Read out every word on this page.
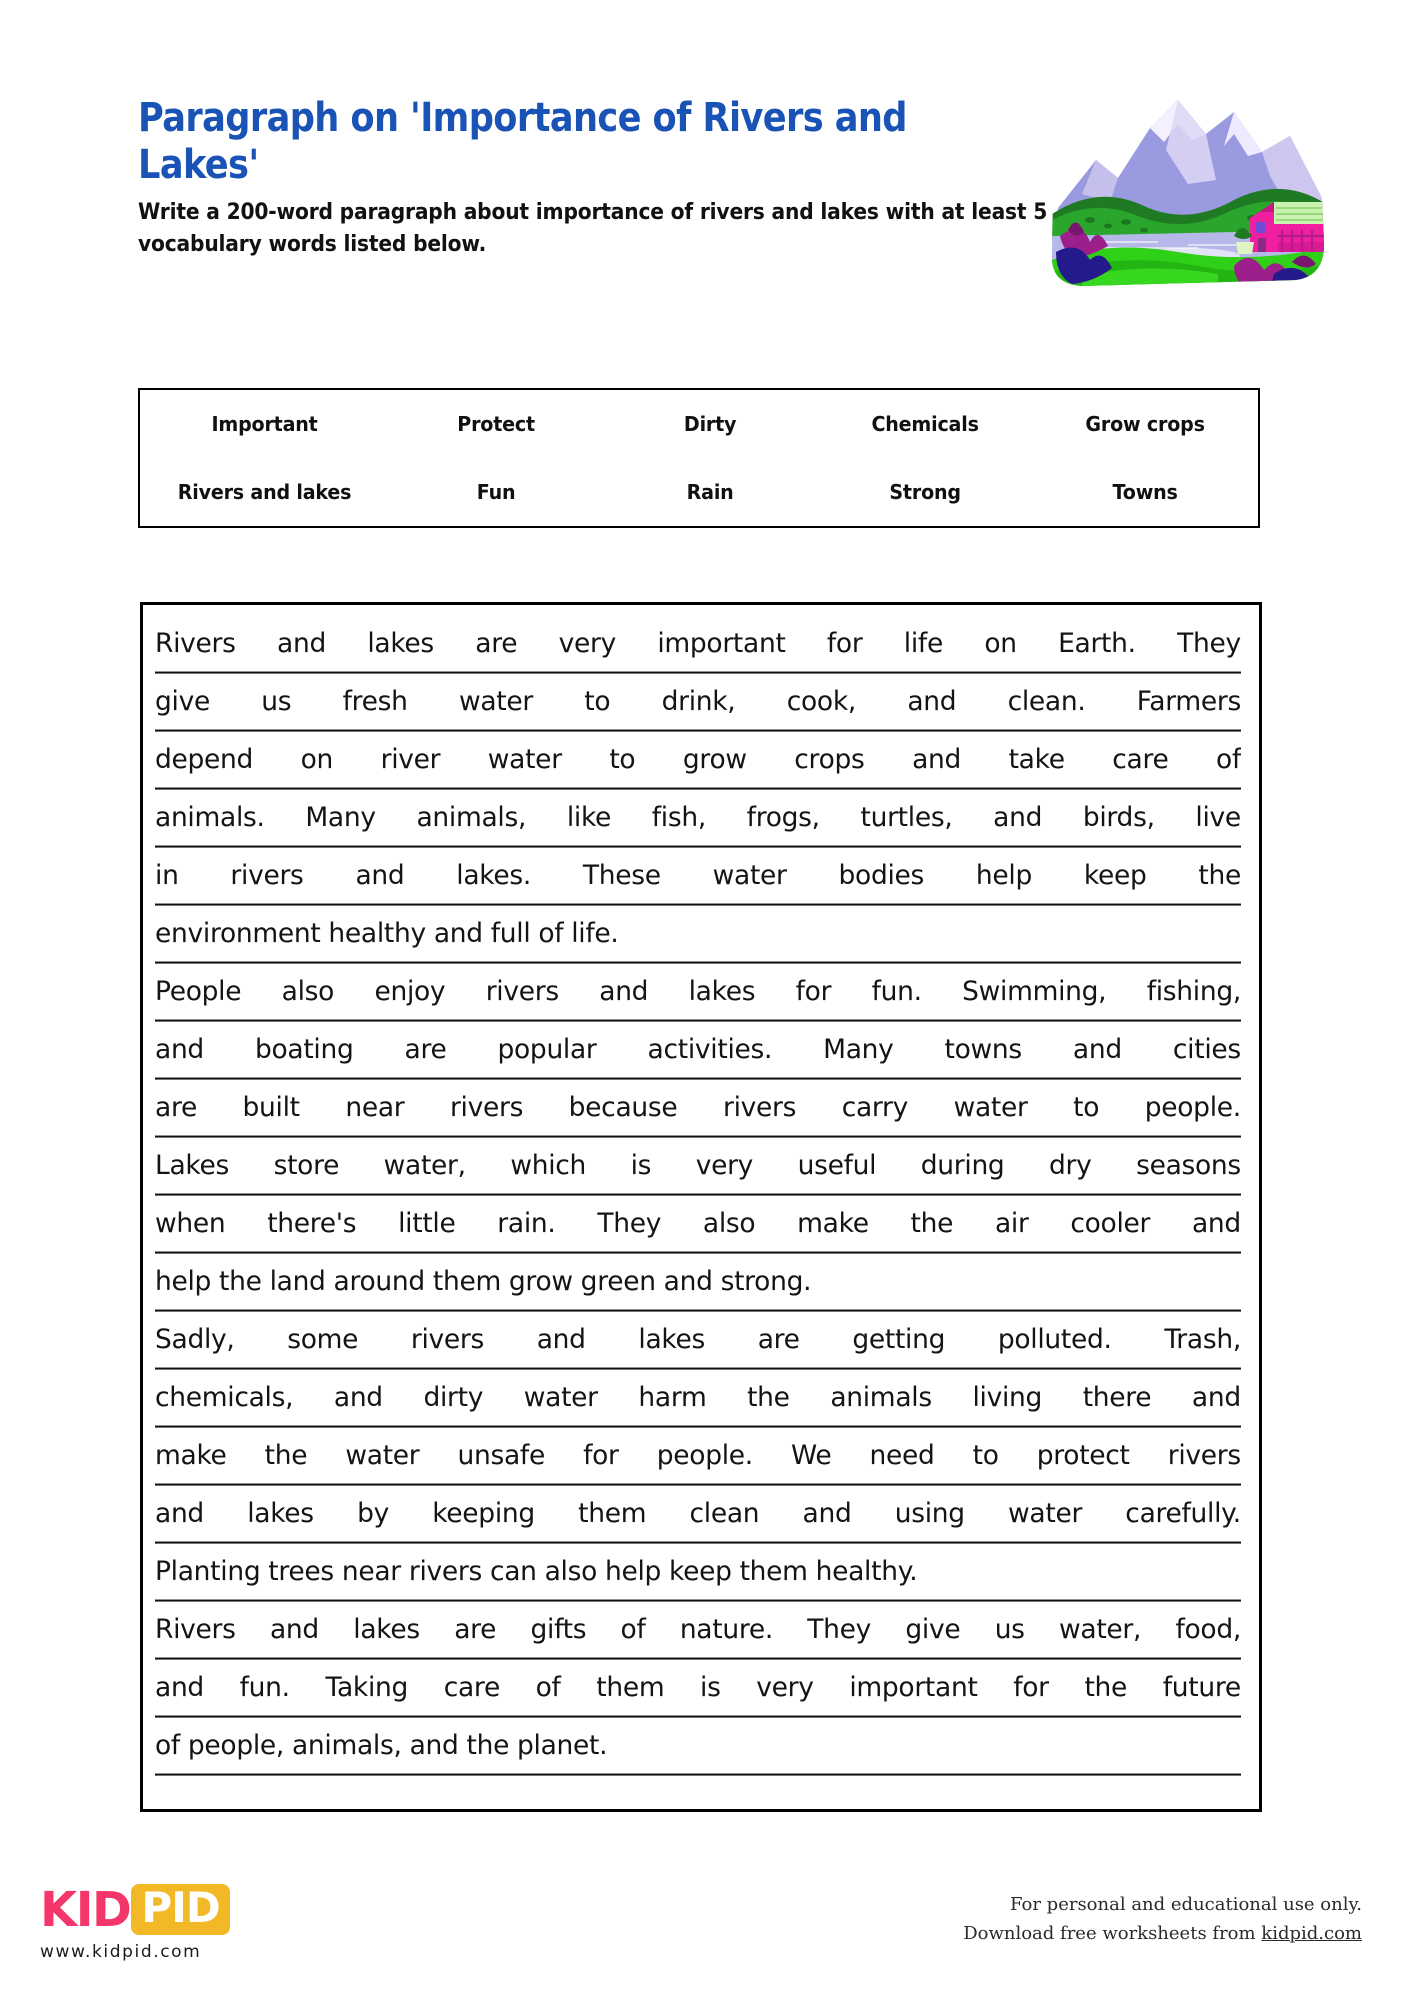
Paragraph on 'Importance of Rivers and Lakes'

Write a 200-word paragraph about importance of rivers and lakes with at least 5 vocabulary words listed below.

Important	Protect	Dirty	Chemicals	Grow crops
Rivers and lakes	Fun	Rain	Strong	Towns
Rivers and lakes are very important for life on Earth. They
give us fresh water to drink, cook, and clean. Farmers
depend on river water to grow crops and take care of
animals. Many animals, like fish, frogs, turtles, and birds, live
in rivers and lakes. These water bodies help keep the
environment healthy and full of life.
People also enjoy rivers and lakes for fun. Swimming, fishing,
and boating are popular activities. Many towns and cities
are built near rivers because rivers carry water to people.
Lakes store water, which is very useful during dry seasons
when there's little rain. They also make the air cooler and
help the land around them grow green and strong.
Sadly, some rivers and lakes are getting polluted. Trash,
chemicals, and dirty water harm the animals living there and
make the water unsafe for people. We need to protect rivers
and lakes by keeping them clean and using water carefully.
Planting trees near rivers can also help keep them healthy.
Rivers and lakes are gifts of nature. They give us water, food,
and fun. Taking care of them is very important for the future
of people, animals, and the planet.
KID PID
www.kidpid.com
For personal and educational use only.
Download free worksheets from kidpid.com
